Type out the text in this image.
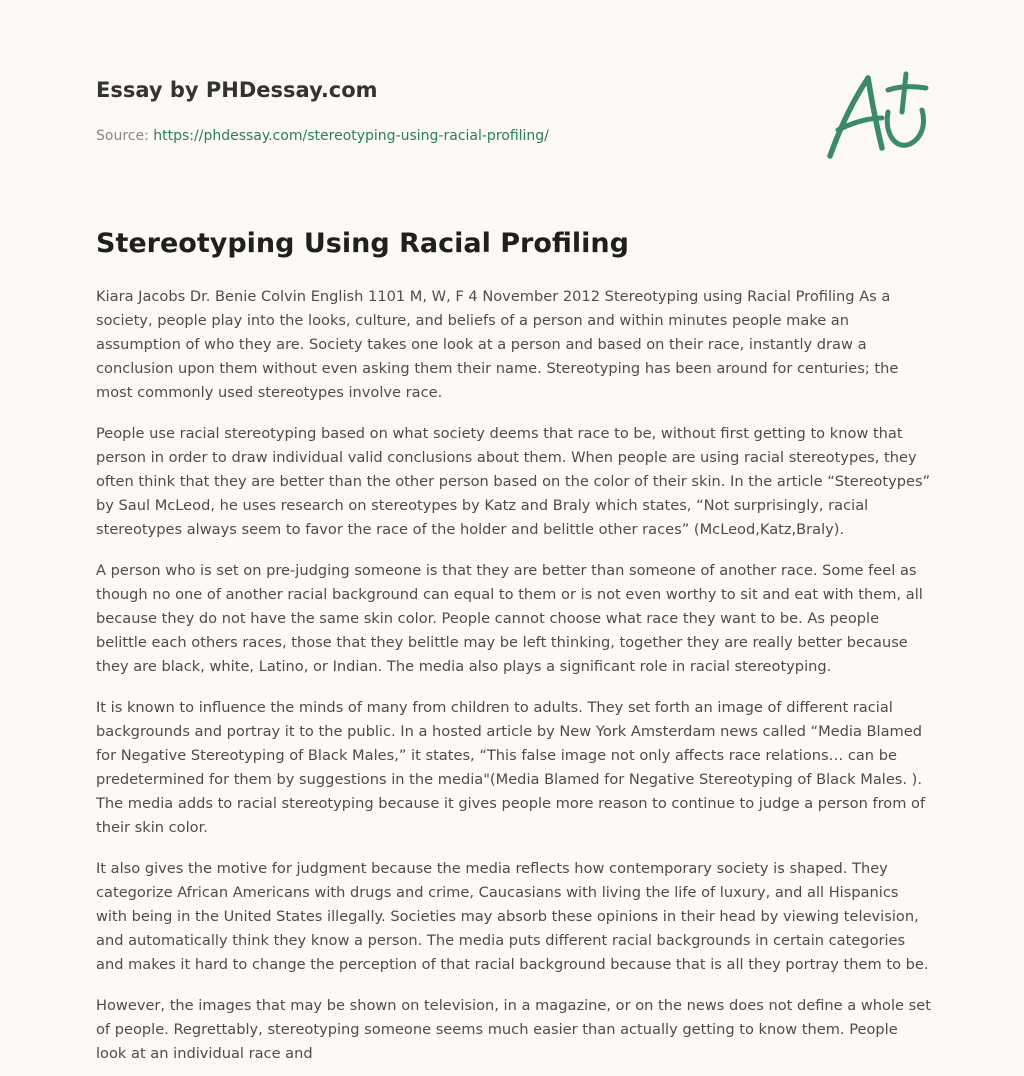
Essay by PHDessay.com
Source: https://phdessay.com/stereotyping-using-racial-profiling/
Stereotyping Using Racial Profiling

Kiara Jacobs Dr. Benie Colvin English 1101 M, W, F 4 November 2012 Stereotyping using Racial Profiling As a society, people play into the looks, culture, and beliefs of a person and within minutes people make an assumption of who they are. Society takes one look at a person and based on their race, instantly draw a conclusion upon them without even asking them their name. Stereotyping has been around for centuries; the most commonly used stereotypes involve race.

People use racial stereotyping based on what society deems that race to be, without first getting to know that person in order to draw individual valid conclusions about them. When people are using racial stereotypes, they often think that they are better than the other person based on the color of their skin. In the article “Stereotypes” by Saul McLeod, he uses research on stereotypes by Katz and Braly which states, “Not surprisingly, racial stereotypes always seem to favor the race of the holder and belittle other races” (McLeod,Katz,Braly).

A person who is set on pre-judging someone is that they are better than someone of another race. Some feel as though no one of another racial background can equal to them or is not even worthy to sit and eat with them, all because they do not have the same skin color. People cannot choose what race they want to be. As people belittle each others races, those that they belittle may be left thinking, together they are really better because they are black, white, Latino, or Indian. The media also plays a significant role in racial stereotyping.

It is known to influence the minds of many from children to adults. They set forth an image of different racial backgrounds and portray it to the public. In a hosted article by New York Amsterdam news called “Media Blamed for Negative Stereotyping of Black Males,” it states, “This false image not only affects race relations… can be predetermined for them by suggestions in the media"(Media Blamed for Negative Stereotyping of Black Males. ). The media adds to racial stereotyping because it gives people more reason to continue to judge a person from of their skin color.

It also gives the motive for judgment because the media reflects how contemporary society is shaped. They categorize African Americans with drugs and crime, Caucasians with living the life of luxury, and all Hispanics with being in the United States illegally. Societies may absorb these opinions in their head by viewing television, and automatically think they know a person. The media puts different racial backgrounds in certain categories and makes it hard to change the perception of that racial background because that is all they portray them to be.

However, the images that may be shown on television, in a magazine, or on the news does not define a whole set of people. Regrettably, stereotyping someone seems much easier than actually getting to know them. People look at an individual race and
